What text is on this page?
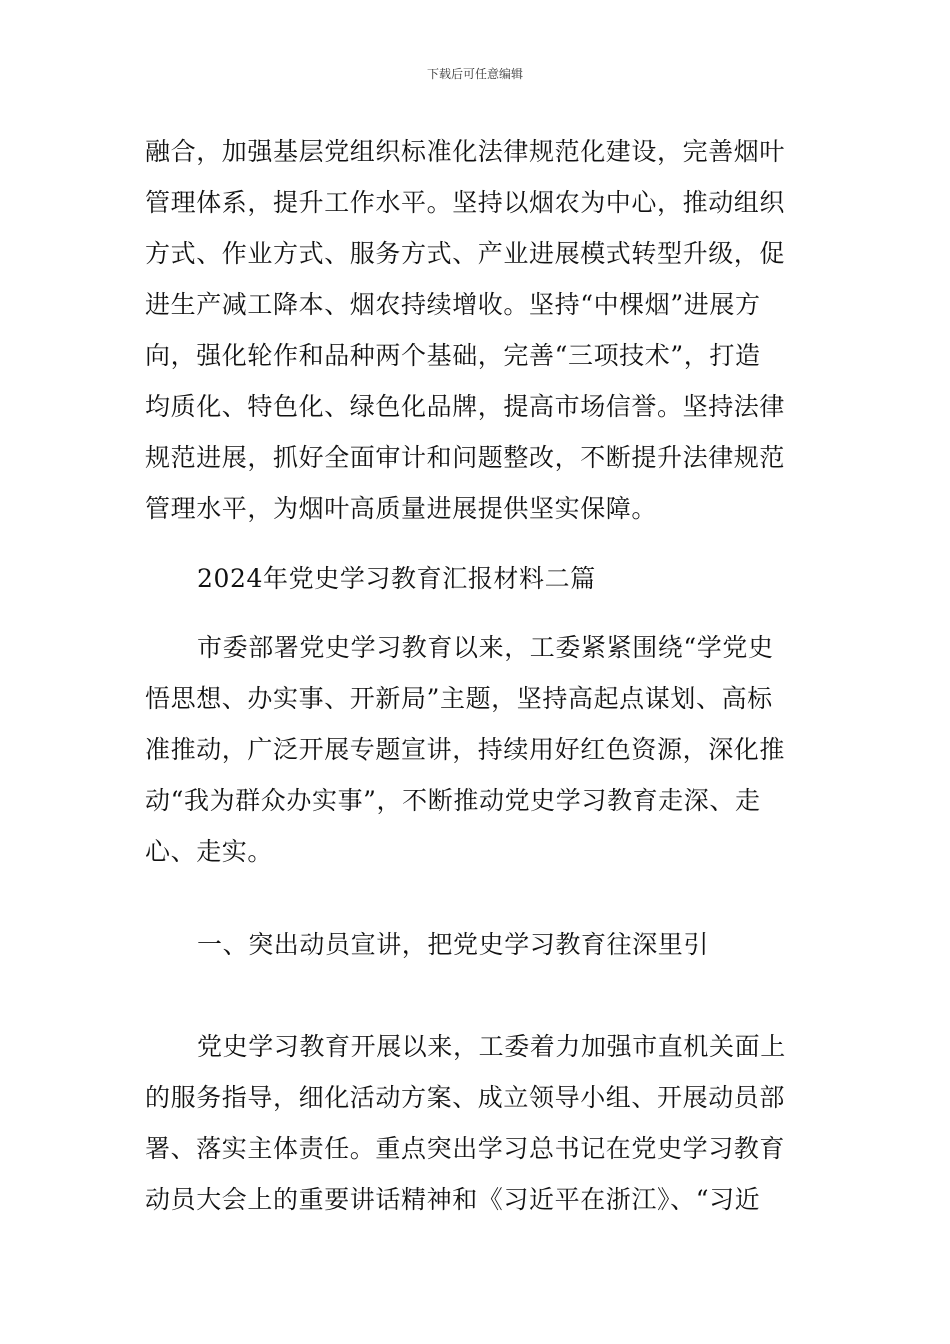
下载后可任意编辑
融合，加强基层党组织标准化法律规范化建设，完善烟叶
管理体系，提升工作水平。坚持以烟农为中心，推动组织
方式、作业方式、服务方式、产业进展模式转型升级，促
进生产减工降本、烟农持续增收。坚持“中棵烟”进展方
向，强化轮作和品种两个基础，完善“三项技术”，打造
均质化、特色化、绿色化品牌，提高市场信誉。坚持法律
规范进展，抓好全面审计和问题整改，不断提升法律规范
管理水平，为烟叶高质量进展提供坚实保障。
2024年党史学习教育汇报材料二篇
市委部署党史学习教育以来，工委紧紧围绕“学党史
悟思想、办实事、开新局”主题，坚持高起点谋划、高标
准推动，广泛开展专题宣讲，持续用好红色资源，深化推
动“我为群众办实事”，不断推动党史学习教育走深、走
心、走实。
一、突出动员宣讲，把党史学习教育往深里引
党史学习教育开展以来，工委着力加强市直机关面上
的服务指导，细化活动方案、成立领导小组、开展动员部
署、落实主体责任。重点突出学习总书记在党史学习教育
动员大会上的重要讲话精神和《习近平在浙江》、“习近
